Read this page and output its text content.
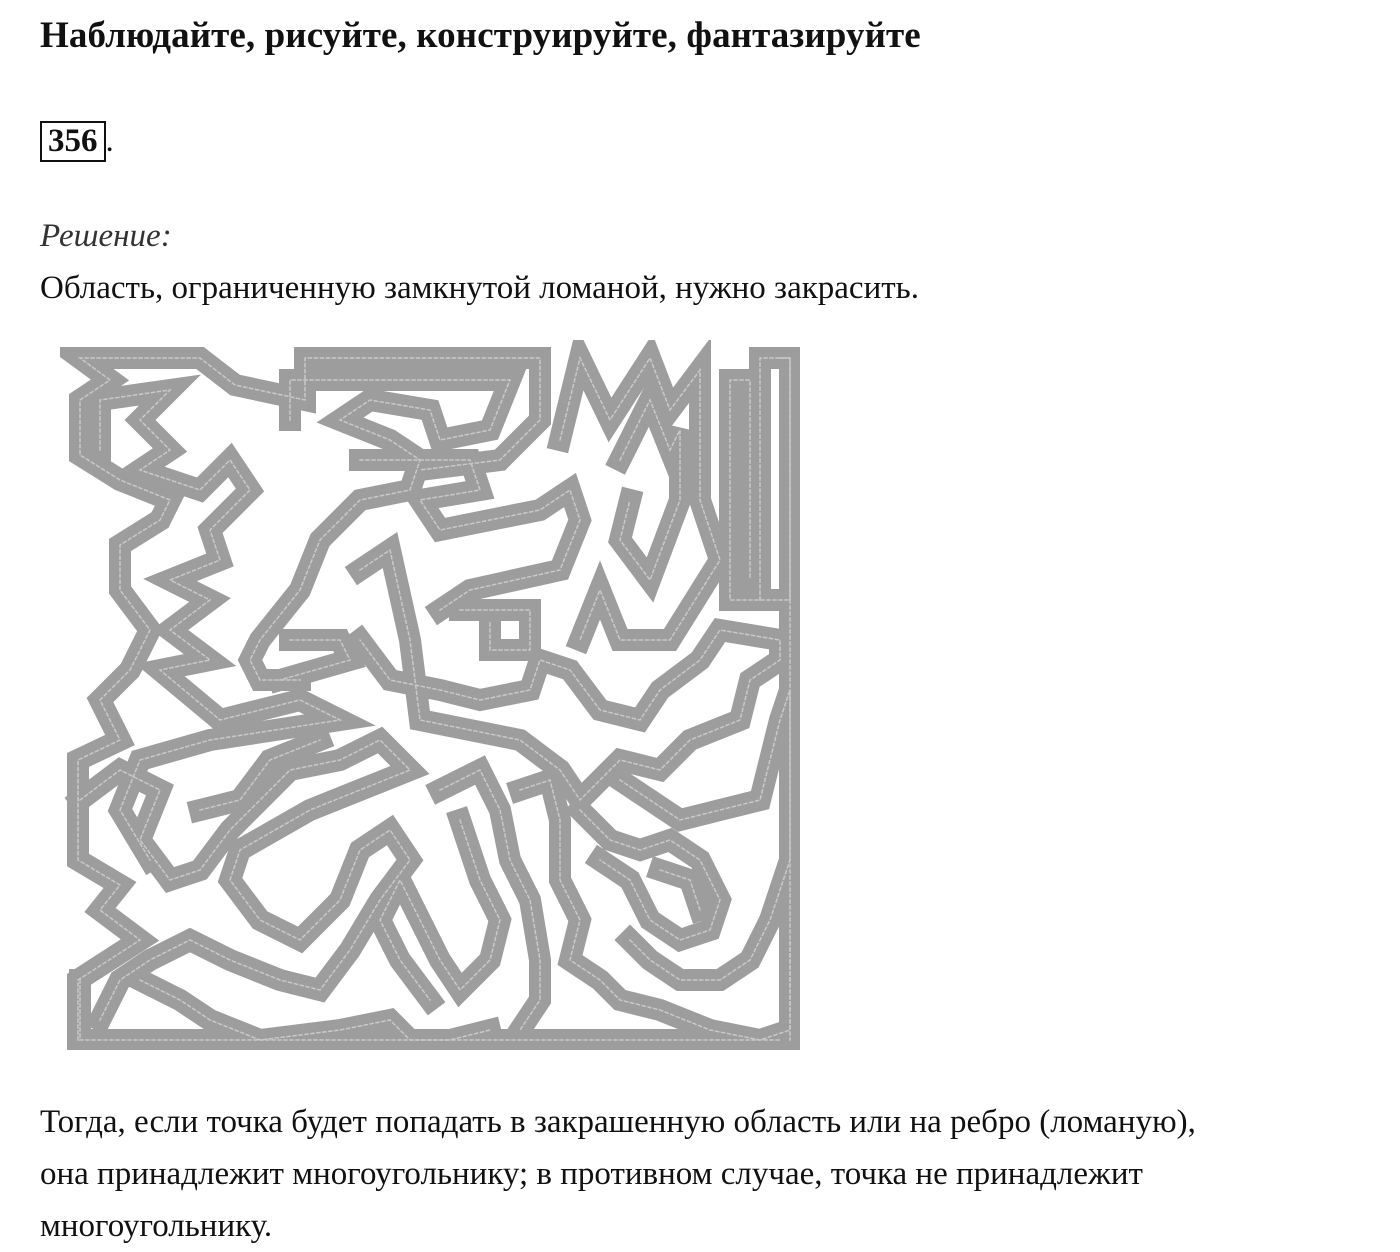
Наблюдайте, рисуйте, конструируйте, фантазируйте
356 .
Решение:
Область, ограниченную замкнутой ломаной, нужно закрасить.
Тогда, если точка будет попадать в закрашенную область или на ребро (ломаную),
она принадлежит многоугольнику; в противном случае, точка не принадлежит
многоугольнику.
